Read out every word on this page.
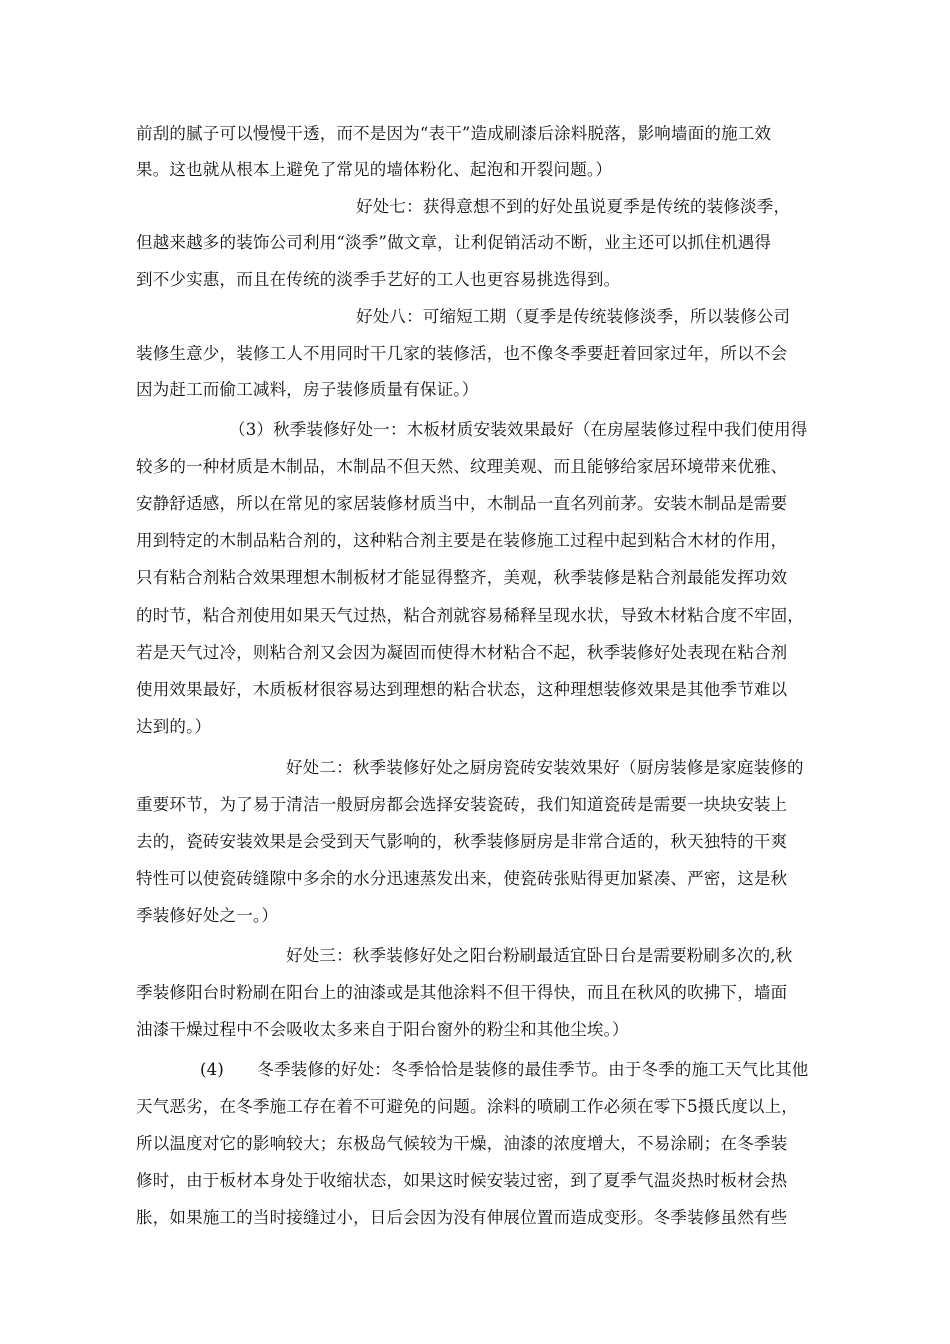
前刮的腻子可以慢慢干透，而不是因为“表干”造成刷漆后涂料脱落，影响墙面的施工效
果。这也就从根本上避免了常见的墙体粉化、起泡和开裂问题。）
好处七：获得意想不到的好处虽说夏季是传统的装修淡季，
但越来越多的装饰公司利用“淡季”做文章，让利促销活动不断，业主还可以抓住机遇得
到不少实惠，而且在传统的淡季手艺好的工人也更容易挑选得到。
好处八：可缩短工期（夏季是传统装修淡季，所以装修公司
装修生意少，装修工人不用同时干几家的装修活，也不像冬季要赶着回家过年，所以不会
因为赶工而偷工减料，房子装修质量有保证。）
（3）秋季装修好处一：木板材质安装效果最好（在房屋装修过程中我们使用得
较多的一种材质是木制品，木制品不但天然、纹理美观、而且能够给家居环境带来优雅、
安静舒适感，所以在常见的家居装修材质当中，木制品一直名列前茅。安装木制品是需要
用到特定的木制品粘合剂的，这种粘合剂主要是在装修施工过程中起到粘合木材的作用，
只有粘合剂粘合效果理想木制板材才能显得整齐，美观，秋季装修是粘合剂最能发挥功效
的时节，粘合剂使用如果天气过热，粘合剂就容易稀释呈现水状，导致木材粘合度不牢固，
若是天气过冷，则粘合剂又会因为凝固而使得木材粘合不起，秋季装修好处表现在粘合剂
使用效果最好，木质板材很容易达到理想的粘合状态，这种理想装修效果是其他季节难以
达到的。）
好处二：秋季装修好处之厨房瓷砖安装效果好（厨房装修是家庭装修的
重要环节，为了易于清洁一般厨房都会选择安装瓷砖，我们知道瓷砖是需要一块块安装上
去的，瓷砖安装效果是会受到天气影响的，秋季装修厨房是非常合适的，秋天独特的干爽
特性可以使瓷砖缝隙中多余的水分迅速蒸发出来，使瓷砖张贴得更加紧凑、严密，这是秋
季装修好处之一。）
好处三：秋季装修好处之阳台粉刷最适宜卧日台是需要粉刷多次的,秋
季装修阳台时粉刷在阳台上的油漆或是其他涂料不但干得快，而且在秋风的吹拂下，墙面
油漆干燥过程中不会吸收太多来自于阳台窗外的粉尘和其他尘埃。）
(4)　　冬季装修的好处：冬季恰恰是装修的最佳季节。由于冬季的施工天气比其他
天气恶劣，在冬季施工存在着不可避免的问题。涂料的喷刷工作必须在零下5摄氏度以上，
所以温度对它的影响较大；东极岛气候较为干燥，油漆的浓度增大，不易涂刷；在冬季装
修时，由于板材本身处于收缩状态，如果这时候安装过密，到了夏季气温炎热时板材会热
胀，如果施工的当时接缝过小，日后会因为没有伸展位置而造成变形。冬季装修虽然有些
